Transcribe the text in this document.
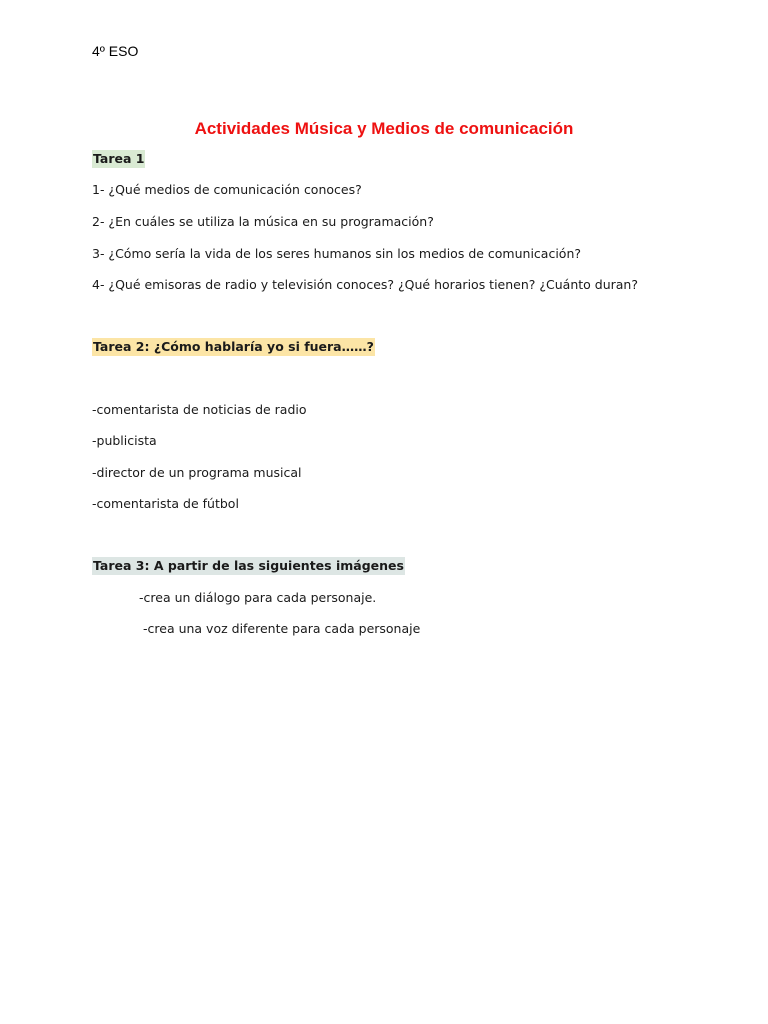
4º ESO
Actividades Música y Medios de comunicación
Tarea 1
1- ¿Qué medios de comunicación conoces?
2- ¿En cuáles se utiliza la música en su programación?
3- ¿Cómo sería la vida de los seres humanos sin los medios de comunicación?
4- ¿Qué emisoras de radio y televisión conoces? ¿Qué horarios tienen? ¿Cuánto duran?
Tarea 2: ¿Cómo hablaría yo si fuera……?
-comentarista de noticias de radio
-publicista
-director de un programa musical
-comentarista de fútbol
Tarea 3: A partir de las siguientes imágenes
-crea un diálogo para cada personaje.
-crea una voz diferente para cada personaje
